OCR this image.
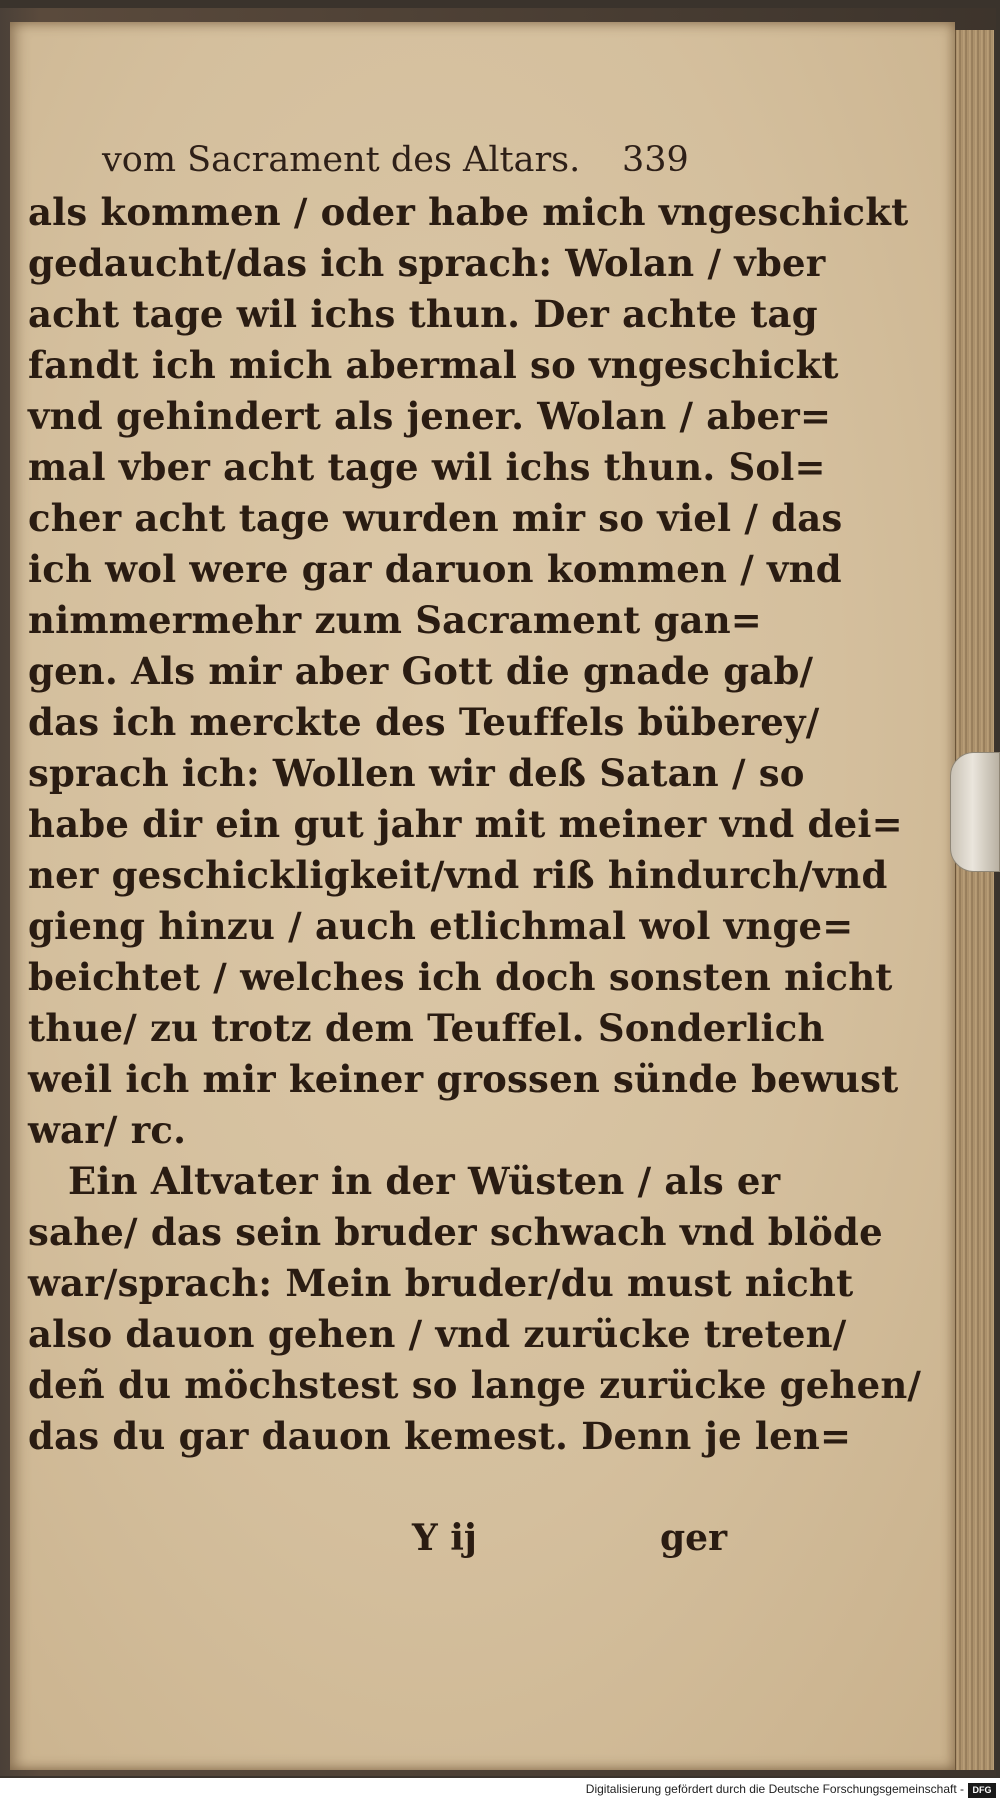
vom Sacrament des Altars. 339
als kommen / oder habe mich vngeschickt
gedaucht/das ich sprach: Wolan / vber
acht tage wil ichs thun. Der achte tag
fandt ich mich abermal so vngeschickt
vnd gehindert als jener. Wolan / aber=
mal vber acht tage wil ichs thun. Sol=
cher acht tage wurden mir so viel / das
ich wol were gar daruon kommen / vnd
nimmermehr zum Sacrament gan=
gen. Als mir aber Gott die gnade gab/
das ich merckte des Teuffels büberey/
sprach ich: Wollen wir deß Satan / so
habe dir ein gut jahr mit meiner vnd dei=
ner geschickligkeit/vnd riß hindurch/vnd
gieng hinzu / auch etlichmal wol vnge=
beichtet / welches ich doch sonsten nicht
thue/ zu trotz dem Teuffel. Sonderlich
weil ich mir keiner grossen sünde bewust
war/ rc.
Ein Altvater in der Wüsten / als er
sahe/ das sein bruder schwach vnd blöde
war/sprach: Mein bruder/du must nicht
also dauon gehen / vnd zurücke treten/
deñ du möchstest so lange zurücke gehen/
das du gar dauon kemest. Denn je len=
Y ij	ger
Digitalisierung gefördert durch die Deutsche Forschungsgemeinschaft - DFG
